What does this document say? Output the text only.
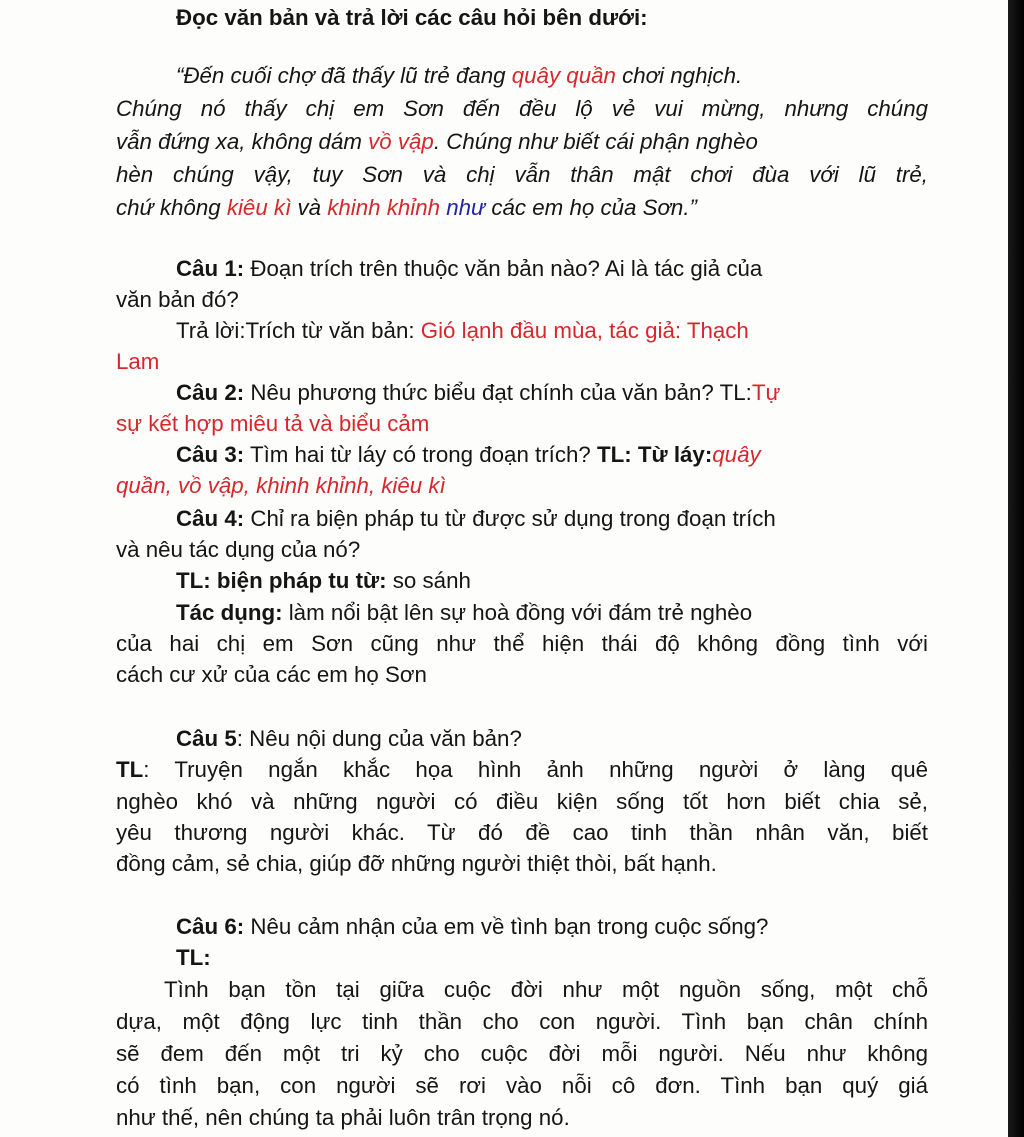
Đọc văn bản và trả lời các câu hỏi bên dưới:
“Đến cuối chợ đã thấy lũ trẻ đang quây quần chơi nghịch.
Chúng nó thấy chị em Sơn đến đều lộ vẻ vui mừng, nhưng chúng
vẫn đứng xa, không dám vồ vập. Chúng như biết cái phận nghèo
hèn chúng vậy, tuy Sơn và chị vẫn thân mật chơi đùa với lũ trẻ,
chứ không kiêu kì và khinh khỉnh như các em họ của Sơn.”
Câu 1: Đoạn trích trên thuộc văn bản nào? Ai là tác giả của
văn bản đó?
Trả lời:Trích từ văn bản: Gió lạnh đầu mùa, tác giả: Thạch
Lam
Câu 2: Nêu phương thức biểu đạt chính của văn bản? TL:Tự
sự kết hợp miêu tả và biểu cảm
Câu 3: Tìm hai từ láy có trong đoạn trích? TL: Từ láy:quây
quần, vồ vập, khinh khỉnh, kiêu kì
Câu 4: Chỉ ra biện pháp tu từ được sử dụng trong đoạn trích
và nêu tác dụng của nó?
TL: biện pháp tu từ: so sánh
Tác dụng: làm nổi bật lên sự hoà đồng với đám trẻ nghèo
của hai chị em Sơn cũng như thể hiện thái độ không đồng tình với
cách cư xử của các em họ Sơn
Câu 5: Nêu nội dung của văn bản?
TL: Truyện ngắn khắc họa hình ảnh những người ở làng quê
nghèo khó và những người có điều kiện sống tốt hơn biết chia sẻ,
yêu thương người khác. Từ đó đề cao tinh thần nhân văn, biết
đồng cảm, sẻ chia, giúp đỡ những người thiệt thòi, bất hạnh.
Câu 6: Nêu cảm nhận của em về tình bạn trong cuộc sống?
TL:
Tình bạn tồn tại giữa cuộc đời như một nguồn sống, một chỗ
dựa, một động lực tinh thần cho con người. Tình bạn chân chính
sẽ đem đến một tri kỷ cho cuộc đời mỗi người. Nếu như không
có tình bạn, con người sẽ rơi vào nỗi cô đơn. Tình bạn quý giá
như thế, nên chúng ta phải luôn trân trọng nó.
